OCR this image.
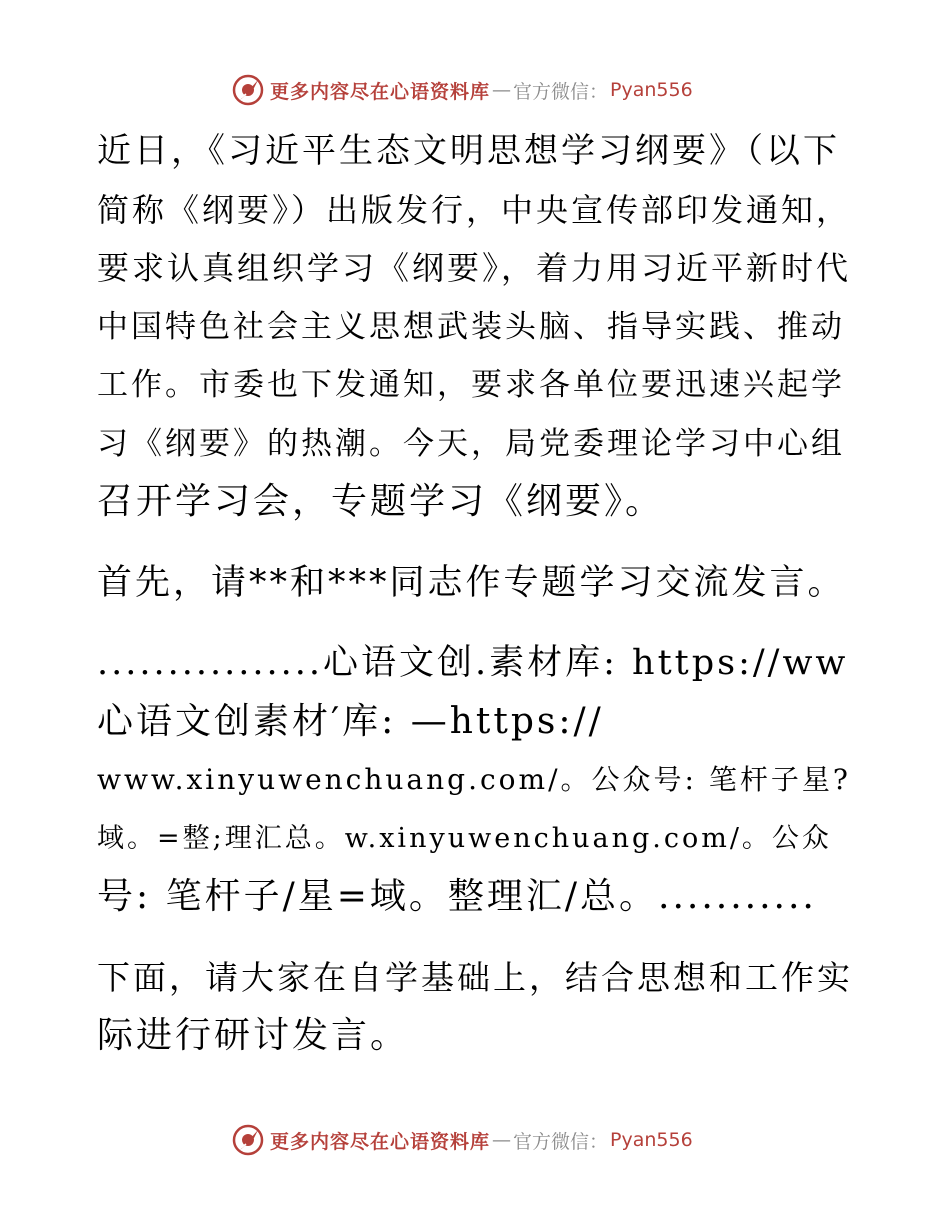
更多内容尽在心语资料库 — 官方微信： Pyan556

近日，《习近平生态文明思想学习纲要》（以下

简称《纲要》）出版发行，中央宣传部印发通知，

要求认真组织学习《纲要》，着力用习近平新时代

中国特色社会主义思想武装头脑、指导实践、推动

工作。市委也下发通知，要求各单位要迅速兴起学

习《纲要》的热潮。今天，局党委理论学习中心组

召开学习会，专题学习《纲要》。

首先，请**和***同志作专题学习交流发言。

................心语文创.素材库: https://ww

心语文创素材′库: —https://

www.xinyuwenchuang.com/。公众号: 笔杆子星?

域。=整;理汇总。w.xinyuwenchuang.com/。公众

号: 笔杆子/星=域。整理汇/总。...........

下面，请大家在自学基础上，结合思想和工作实

际进行研讨发言。

更多内容尽在心语资料库 — 官方微信： Pyan556
